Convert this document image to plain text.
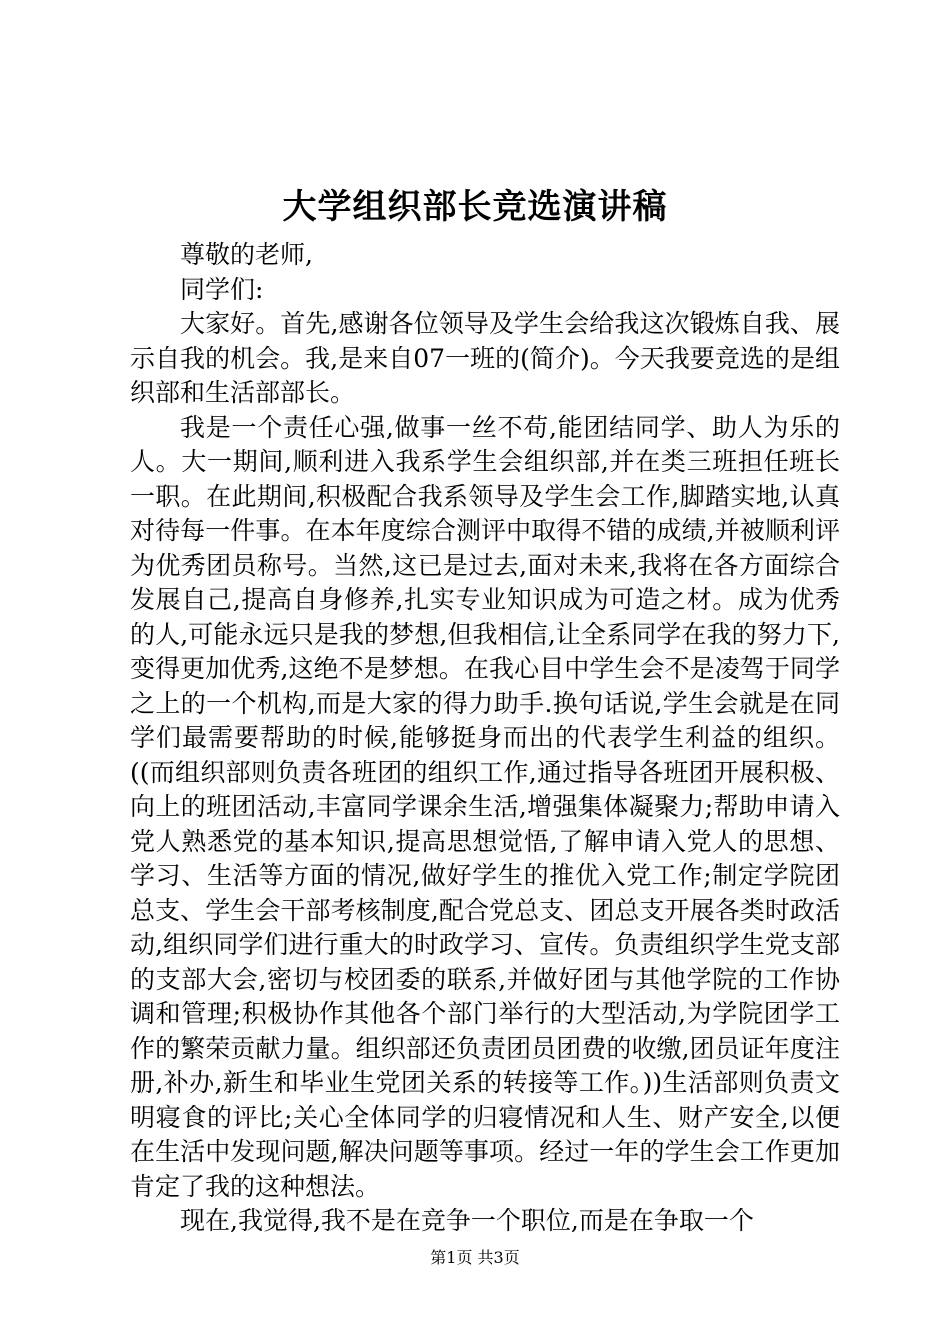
大学组织部长竞选演讲稿

尊敬的老师,

同学们:

大家好。首先,感谢各位领导及学生会给我这次锻炼自我、展示自我的机会。我,是来自07一班的(简介)。今天我要竞选的是组织部和生活部部长。

我是一个责任心强,做事一丝不苟,能团结同学、助人为乐的人。大一期间,顺利进入我系学生会组织部,并在类三班担任班长一职。在此期间,积极配合我系领导及学生会工作,脚踏实地,认真对待每一件事。在本年度综合测评中取得不错的成绩,并被顺利评为优秀团员称号。当然,这已是过去,面对未来,我将在各方面综合发展自己,提高自身修养,扎实专业知识成为可造之材。成为优秀的人,可能永远只是我的梦想,但我相信,让全系同学在我的努力下,变得更加优秀,这绝不是梦想。在我心目中学生会不是凌驾于同学之上的一个机构,而是大家的得力助手.换句话说,学生会就是在同学们最需要帮助的时候,能够挺身而出的代表学生利益的组织。((而组织部则负责各班团的组织工作,通过指导各班团开展积极、向上的班团活动,丰富同学课余生活,增强集体凝聚力;帮助申请入党人熟悉党的基本知识,提高思想觉悟,了解申请入党人的思想、学习、生活等方面的情况,做好学生的推优入党工作;制定学院团总支、学生会干部考核制度,配合党总支、团总支开展各类时政活动,组织同学们进行重大的时政学习、宣传。负责组织学生党支部的支部大会,密切与校团委的联系,并做好团与其他学院的工作协调和管理;积极协作其他各个部门举行的大型活动,为学院团学工作的繁荣贡献力量。组织部还负责团员团费的收缴,团员证年度注册,补办,新生和毕业生党团关系的转接等工作。))生活部则负责文明寝食的评比;关心全体同学的归寝情况和人生、财产安全,以便在生活中发现问题,解决问题等事项。经过一年的学生会工作更加肯定了我的这种想法。

现在,我觉得,我不是在竞争一个职位,而是在争取一个

第1页 共3页
